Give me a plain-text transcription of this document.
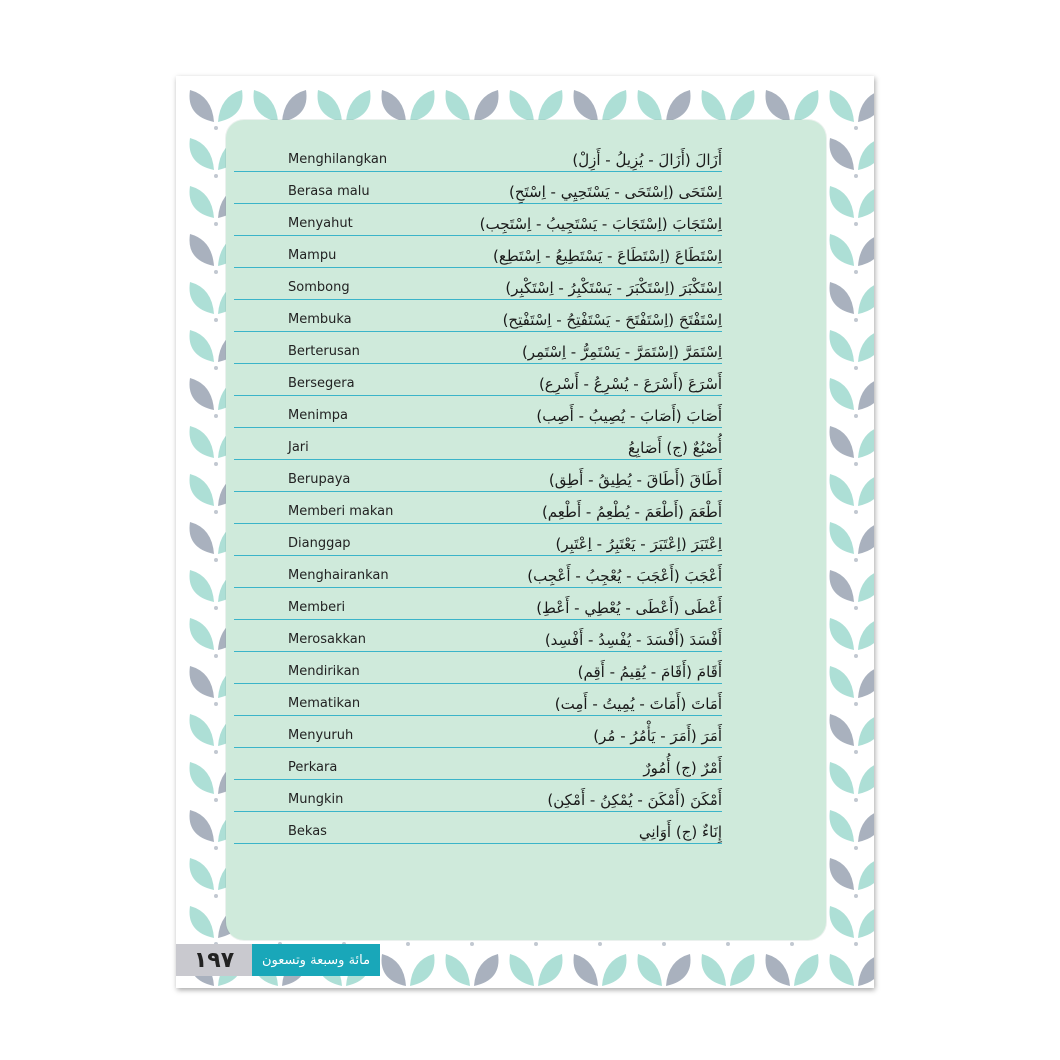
Menghilangkan	أَزَالَ (أَزَالَ - يُزِيلُ - أَزِلْ)
Berasa malu	اِسْتَحَى (اِسْتَحَى - يَسْتَحِيِي - اِسْتَحِ)
Menyahut	اِسْتَجَابَ (اِسْتَجَابَ - يَسْتَجِيبُ - اِسْتَجِب)
Mampu	اِسْتَطَاعَ (اِسْتَطَاعَ - يَسْتَطِيعُ - اِسْتَطِع)
Sombong	اِسْتَكْبَرَ (اِسْتَكْبَرَ - يَسْتَكْبِرُ - اِسْتَكْبِر)
Membuka	اِسْتَفْتَحَ (اِسْتَفْتَحَ - يَسْتَفْتِحُ - اِسْتَفْتِح)
Berterusan	اِسْتَمَرَّ (اِسْتَمَرَّ - يَسْتَمِرُّ - اِسْتَمِر)
Bersegera	أَسْرَعَ (أَسْرَعَ - يُسْرِعُ - أَسْرِع)
Menimpa	أَصَابَ (أَصَابَ - يُصِيبُ - أَصِب)
Jari	أُصْبُعٌ (ج) أَصَابِعُ
Berupaya	أَطَاقَ (أَطَاقَ - يُطِيقُ - أَطِق)
Memberi makan	أَطْعَمَ (أَطْعَمَ - يُطْعِمُ - أَطْعِم)
Dianggap	اِعْتَبَرَ (اِعْتَبَرَ - يَعْتَبِرُ - اِعْتَبِر)
Menghairankan	أَعْجَبَ (أَعْجَبَ - يُعْجِبُ - أَعْجِب)
Memberi	أَعْطَى (أَعْطَى - يُعْطِي - أَعْطِ)
Merosakkan	أَفْسَدَ (أَفْسَدَ - يُفْسِدُ - أَفْسِد)
Mendirikan	أَقَامَ (أَقَامَ - يُقِيمُ - أَقِم)
Mematikan	أَمَاتَ (أَمَاتَ - يُمِيتُ - أَمِت)
Menyuruh	أَمَرَ (أَمَرَ - يَأْمُرُ - مُر)
Perkara	أَمْرٌ (ج) أُمُورٌ
Mungkin	أَمْكَنَ (أَمْكَنَ - يُمْكِنُ - أَمْكِن)
Bekas	إِنَاءٌ (ج) أَوَانِي
١٩٧	مائة وسبعة وتسعون
